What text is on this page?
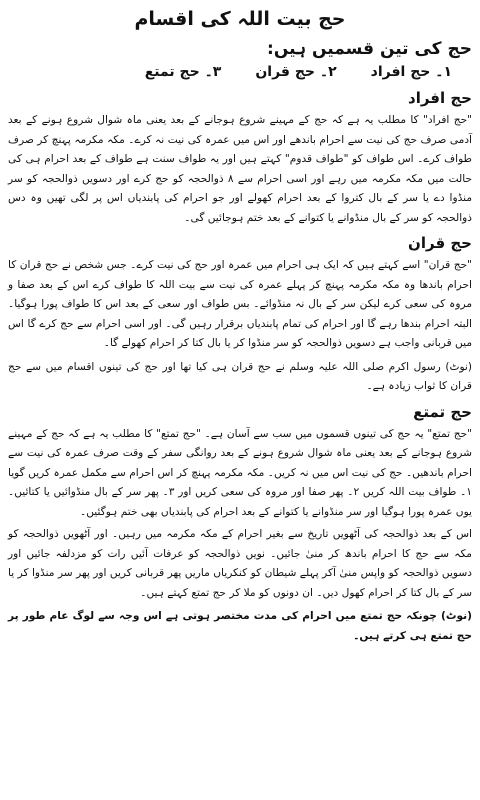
حج بیت اللہ کی اقسام
حج کی تین قسمیں ہیں:
۱۔ حج افراد
۲۔ حج قران
۳۔ حج تمتع
حج افراد

"حج افراد" کا مطلب یہ ہے کہ حج کے مہینے شروع ہوجانے کے بعد یعنی ماہ شوال شروع ہونے کے بعد آدمی صرف حج کی نیت سے احرام باندھے اور اس میں عمرہ کی نیت نہ کرے۔ مکہ مکرمہ پہنچ کر صرف طواف کرے۔ اس طواف کو "طواف قدوم" کہتے ہیں اور یہ طواف سنت ہے طواف کے بعد احرام ہی کی حالت میں مکہ مکرمہ میں رہے اور اسی احرام سے ۸ ذوالحجہ کو حج کرے اور دسویں ذوالحجہ کو سر منڈوا دے یا سر کے بال کتروا کے بعد احرام کھولے اور جو احرام کی پابندیاں اس پر لگی تھیں وہ دس ذوالحجہ کو سر کے بال منڈوانے یا کتوانے کے بعد ختم ہوجائیں گی۔

حج قران

"حج قران" اسے کہتے ہیں کہ ایک ہی احرام میں عمرہ اور حج کی نیت کرے۔ جس شخص نے حج قران کا احرام باندھا وہ مکہ مکرمہ پہنچ کر پہلے عمرہ کی نیت سے بیت اللہ کا طواف کرے اس کے بعد صفا و مروہ کی سعی کرے لیکن سر کے بال نہ منڈوائے۔ بس طواف اور سعی کے بعد اس کا طواف پورا ہوگیا۔ البتہ احرام بندھا رہے گا اور احرام کی تمام پابندیاں برقرار رہیں گی۔ اور اسی احرام سے حج کرے گا اس میں قربانی واجب ہے دسویں ذوالحجہ کو سر منڈوا کر یا بال کتا کر احرام کھولے گا۔

(نوٹ) رسول اکرم صلی اللہ علیہ وسلم نے حج قران ہی کیا تھا اور حج کی تینوں اقسام میں سے حج قران کا ثواب زیادہ ہے۔

حج تمتع

"حج تمتع" یہ حج کی تینوں قسموں میں سب سے آسان ہے۔ "حج تمتع" کا مطلب یہ ہے کہ حج کے مہینے شروع ہوجانے کے بعد یعنی ماہ شوال شروع ہونے کے بعد روانگی سفر کے وقت صرف عمرہ کی نیت سے احرام باندھیں۔ حج کی نیت اس میں نہ کریں۔ مکہ مکرمہ پہنچ کر اس احرام سے مکمل عمرہ کریں گویا ۱۔ طواف بیت اللہ کریں ۲۔ پھر صفا اور مروہ کی سعی کریں اور ۳۔ پھر سر کے بال منڈوائیں یا کتائیں۔ یوں عمرہ پورا ہوگیا اور سر منڈوانے یا کتوانے کے بعد احرام کی پابندیاں بھی ختم ہوگئیں۔

اس کے بعد ذوالحجہ کی آٹھویں تاریخ سے بغیر احرام کے مکہ مکرمہ میں رہیں۔ اور آٹھویں ذوالحجہ کو مکہ سے حج کا احرام باندھ کر منیٰ جائیں۔ نویں ذوالحجہ کو عرفات آئیں رات کو مزدلفہ جائیں اور دسویں ذوالحجہ کو واپس منیٰ آکر پہلے شیطان کو کنکریاں ماریں پھر قربانی کریں اور پھر سر منڈوا کر یا سر کے بال کتا کر احرام کھول دیں۔ ان دونوں کو ملا کر حج تمتع کہتے ہیں۔

(نوٹ) چونکہ حج تمتع میں احرام کی مدت مختصر ہوتی ہے اس وجہ سے لوگ عام طور پر حج تمتع ہی کرتے ہیں۔
